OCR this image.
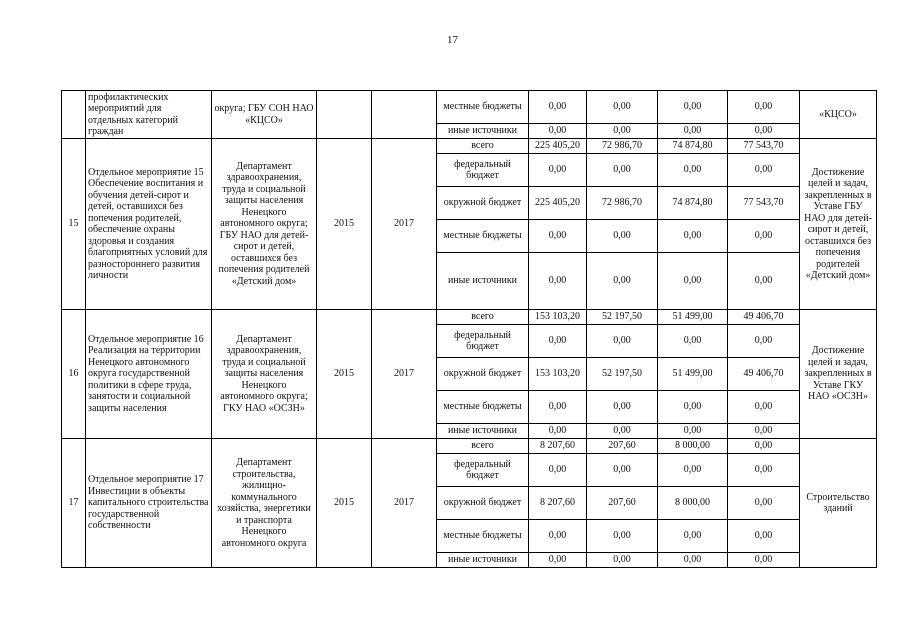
17
	профилактических мероприятий для отдельных категорий граждан	округа; ГБУ СОН НАО «КЦСО»			местные бюджеты	0,00	0,00	0,00	0,00	«КЦСО»
					иные источники	0,00	0,00	0,00	0,00	
15	Отдельное мероприятие 15 Обеспечение воспитания и обучения детей-сирот и детей, оставшихся без попечения родителей, обеспечение охраны здоровья и создания благоприятных условий для разностороннего развития личности	Департамент здравоохранения, труда и социальной защиты населения Ненецкого автономного округа; ГБУ НАО для детей-сирот и детей, оставшихся без попечения родителей «Детский дом»	2015	2017	всего	225 405,20	72 986,70	74 874,80	77 543,70	Достижение целей и задач, закрепленных в Уставе ГБУ НАО для детей-сирот и детей, оставшихся без попечения родителей «Детский дом»
					федеральный бюджет	0,00	0,00	0,00	0,00	
					окружной бюджет	225 405,20	72 986,70	74 874,80	77 543,70	
					местные бюджеты	0,00	0,00	0,00	0,00	
					иные источники	0,00	0,00	0,00	0,00	
16	Отдельное мероприятие 16 Реализация на территории Ненецкого автономного округа государственной политики в сфере труда, занятости и социальной защиты населения	Департамент здравоохранения, труда и социальной защиты населения Ненецкого автономного округа; ГКУ НАО «ОСЗН»	2015	2017	всего	153 103,20	52 197,50	51 499,00	49 406,70	Достижение целей и задач, закрепленных в Уставе ГКУ НАО «ОСЗН»
					федеральный бюджет	0,00	0,00	0,00	0,00	
					окружной бюджет	153 103,20	52 197,50	51 499,00	49 406,70	
					местные бюджеты	0,00	0,00	0,00	0,00	
					иные источники	0,00	0,00	0,00	0,00	
17	Отдельное мероприятие 17 Инвестиции в объекты капитального строительства государственной собственности	Департамент строительства, жилищно-коммунального хозяйства, энергетики и транспорта Ненецкого автономного округа	2015	2017	всего	8 207,60	207,60	8 000,00	0,00	Строительство зданий
					федеральный бюджет	0,00	0,00	0,00	0,00	
					окружной бюджет	8 207,60	207,60	8 000,00	0,00	
					местные бюджеты	0,00	0,00	0,00	0,00	
					иные источники	0,00	0,00	0,00	0,00	
